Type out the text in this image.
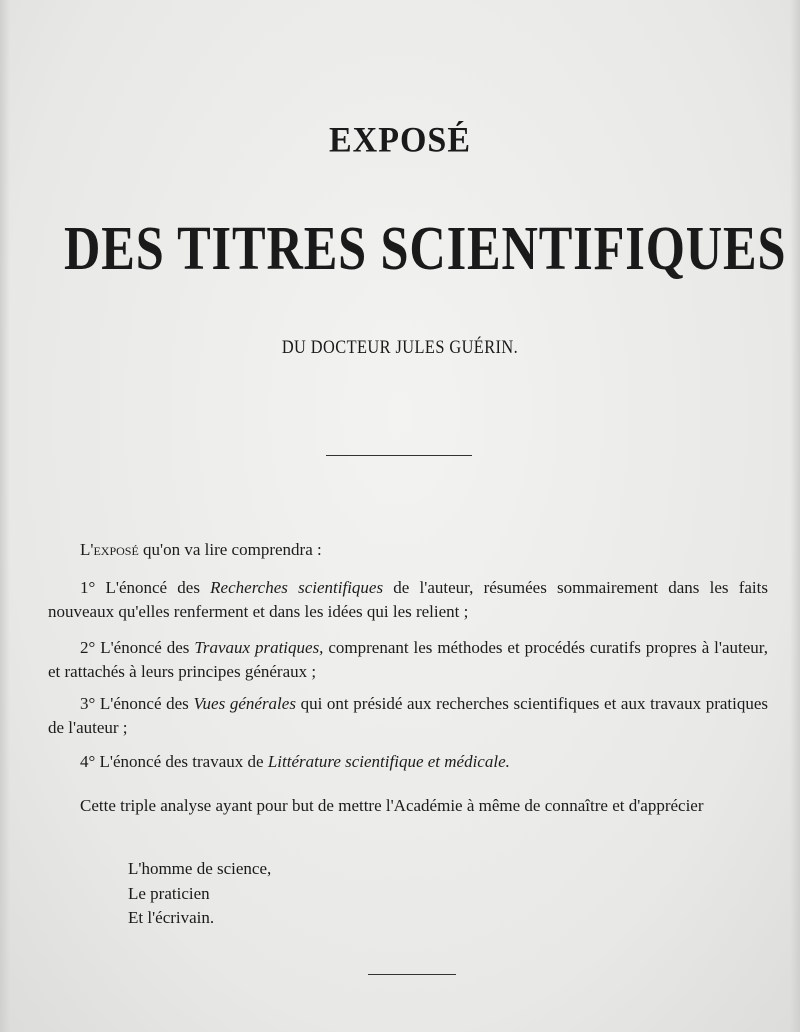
EXPOSÉ
DES TITRES SCIENTIFIQUES
DU DOCTEUR JULES GUÉRIN.
L'exposé qu'on va lire comprendra :
1° L'énoncé des Recherches scientifiques de l'auteur, résumées sommairement dans les faits nouveaux qu'elles renferment et dans les idées qui les relient ;
2° L'énoncé des Travaux pratiques, comprenant les méthodes et procédés curatifs propres à l'auteur, et rattachés à leurs principes généraux ;
3° L'énoncé des Vues générales qui ont présidé aux recherches scientifiques et aux travaux pratiques de l'auteur ;
4° L'énoncé des travaux de Littérature scientifique et médicale.
Cette triple analyse ayant pour but de mettre l'Académie à même de connaître et d'apprécier
L'homme de science,
Le praticien
Et l'écrivain.
